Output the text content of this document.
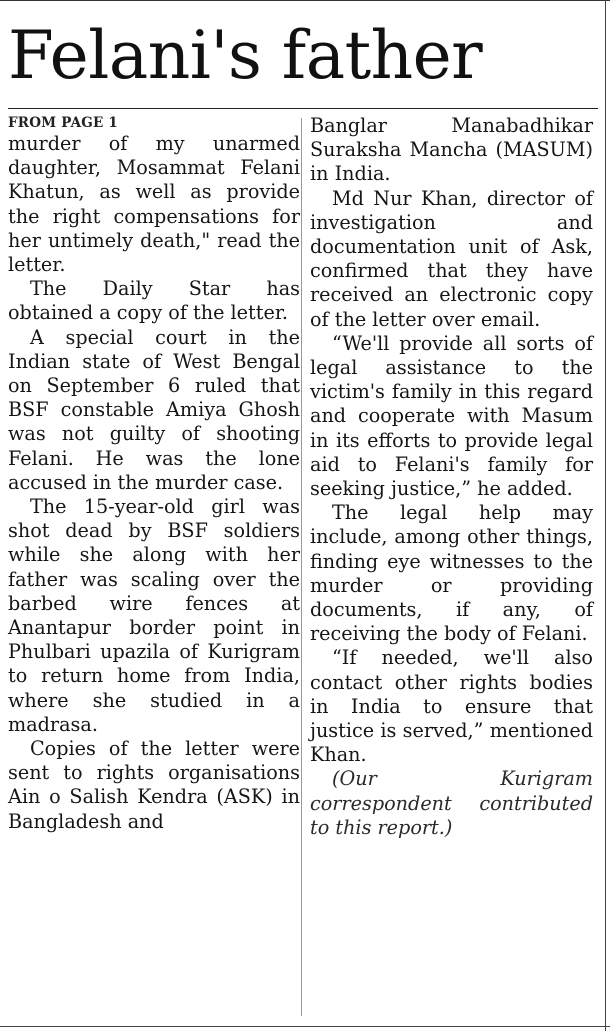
Felani's father
FROM PAGE 1

murder of my unarmed daughter, Mosammat Felani Khatun, as well as provide the right compensations for her untimely death," read the letter.

The Daily Star has obtained a copy of the letter.

A special court in the Indian state of West Bengal on September 6 ruled that BSF constable Amiya Ghosh was not guilty of shooting Felani. He was the lone accused in the murder case.

The 15-year-old girl was shot dead by BSF soldiers while she along with her father was scaling over the barbed wire fences at Anantapur border point in Phulbari upazila of Kurigram to return home from India, where she studied in a madrasa.

Copies of the letter were sent to rights organisations Ain o Salish Kendra (ASK) in Bangladesh and

Banglar Manabadhikar Suraksha Mancha (MASUM) in India.

Md Nur Khan, director of investigation and documentation unit of Ask, confirmed that they have received an electronic copy of the letter over email.

“We'll provide all sorts of legal assistance to the victim's family in this regard and cooperate with Masum in its efforts to provide legal aid to Felani's family for seeking justice,” he added.

The legal help may include, among other things, finding eye witnesses to the murder or providing documents, if any, of receiving the body of Felani.

“If needed, we'll also contact other rights bodies in India to ensure that justice is served,” mentioned Khan.

(Our Kurigram correspondent contributed to this report.)
